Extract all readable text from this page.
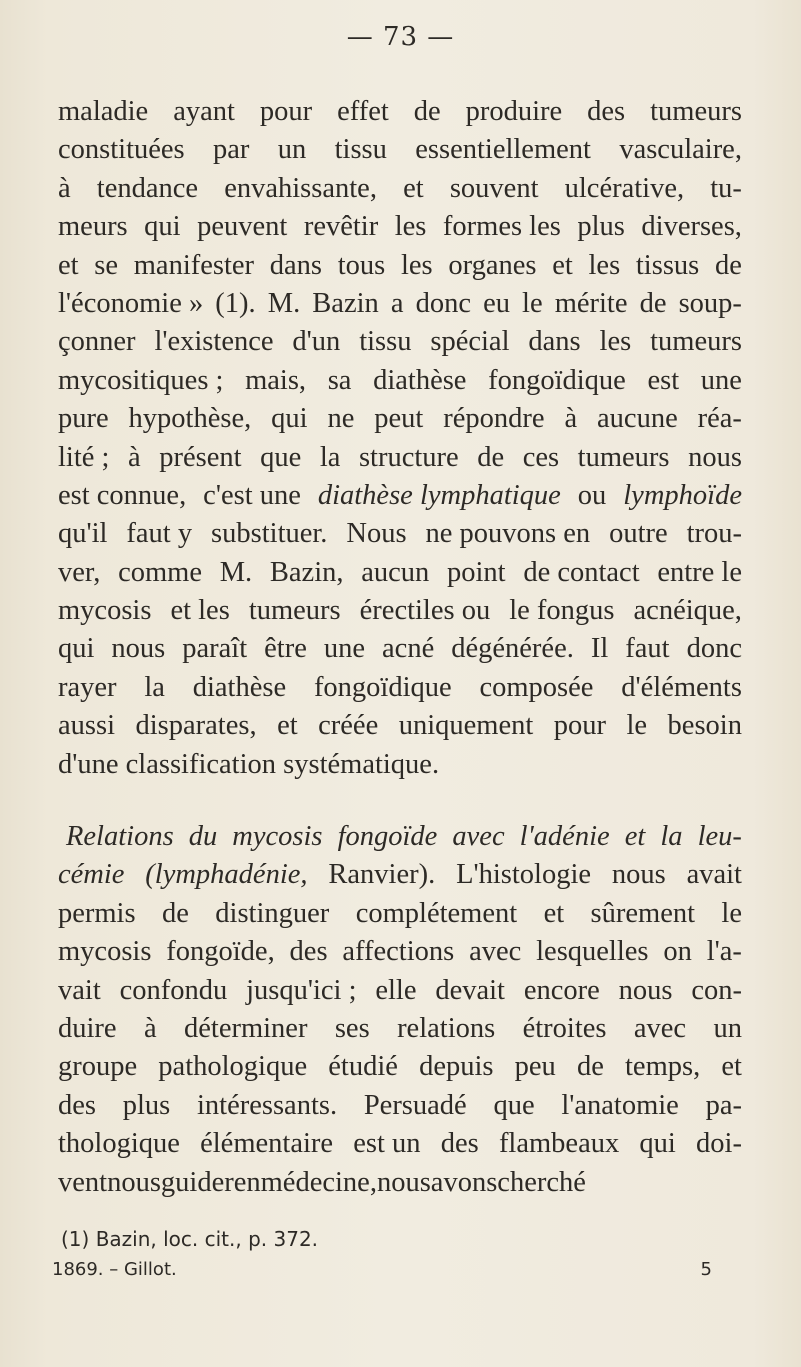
— 73 —
maladie ayant pour effet de produire des tumeurs
constituées par un tissu essentiellement vasculaire,
à tendance envahissante, et souvent ulcérative, tu-
meurs qui peuvent revêtir les formes les plus diverses,
et se manifester dans tous les organes et les tissus de
l'économie » (1). M. Bazin a donc eu le mérite de soup-
çonner l'existence d'un tissu spécial dans les tumeurs
mycositiques ; mais, sa diathèse fongoïdique est une
pure hypothèse, qui ne peut répondre à aucune réa-
lité ; à présent que la structure de ces tumeurs nous
est connue, c'est une diathèse lymphatique ou lymphoïde
qu'il faut y substituer. Nous ne pouvons en outre trou-
ver, comme M. Bazin, aucun point de contact entre le
mycosis et les tumeurs érectiles ou le fongus acnéique,
qui nous paraît être une acné dégénérée. Il faut donc
rayer la diathèse fongoïdique composée d'éléments
aussi disparates, et créée uniquement pour le besoin
d'une classification systématique.
Relations du mycosis fongoïde avec l'adénie et la leu-
cémie (lymphadénie, Ranvier). L'histologie nous avait
permis de distinguer complétement et sûrement le
mycosis fongoïde, des affections avec lesquelles on l'a-
vait confondu jusqu'ici ; elle devait encore nous con-
duire à déterminer ses relations étroites avec un
groupe pathologique étudié depuis peu de temps, et
des plus intéressants. Persuadé que l'anatomie pa-
thologique élémentaire est un des flambeaux qui doi-
vent nous guider en médecine, nous avons cherché
(1) Bazin, loc. cit., p. 372.
1869. – Gillot.	5
